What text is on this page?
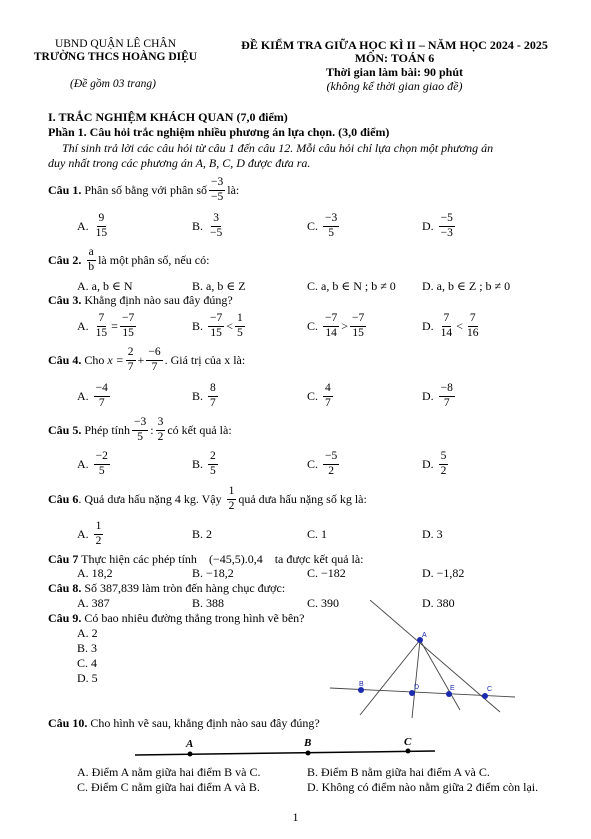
UBND QUẬN LÊ CHÂN
TRƯỜNG THCS HOÀNG DIỆU
(Đề gồm 03 trang)
ĐỀ KIỂM TRA GIỮA HỌC KÌ II – NĂM HỌC 2024 - 2025
MÔN: TOÁN 6
Thời gian làm bài: 90 phút
(không kể thời gian giao đề)
I. TRẮC NGHIỆM KHÁCH QUAN (7,0 điểm)
Phần 1. Câu hỏi trắc nghiệm nhiều phương án lựa chọn. (3,0 điểm)
Thí sinh trả lời các câu hỏi từ câu 1 đến câu 12. Mỗi câu hỏi chỉ lựa chọn một phương án
duy nhất trong các phương án A, B, C, D được đưa ra.
Câu 1.
Phân số bằng với phân số $\frac{-3}{-5}$ là:
A. $\frac{9}{15}$	B. $\frac{3}{-5}$	C. $\frac{-3}{5}$	D. $\frac{-5}{-3}$
Câu 2.
$\frac{a}{b}$ là một phân số, nếu có:
A. a, b ∈ N	B. a, b ∈ Z	C. a, b ∈ N ; b ≠ 0 D. a, b ∈ Z ; b ≠ 0
Câu 3. Khẳng định nào sau đây đúng?
A. $\frac{7}{15} = \frac{-7}{15}$	B. $\frac{-7}{15} < \frac{1}{5}$	C. $\frac{-7}{14} > \frac{-7}{15}$	D. $\frac{7}{14} < \frac{7}{16}$
Câu 4.
Cho
$x = \frac{2}{7} + \frac{-6}{7}$ . Giá trị của x là:
A. $\frac{-4}{7}$	B. $\frac{8}{7}$	C. $\frac{4}{7}$	D. $\frac{-8}{7}$
Câu 5.
Phép tính $\frac{-3}{5}$ : $\frac{3}{2}$ có kết quả là:
A. $\frac{-2}{5}$	B. $\frac{2}{5}$	C. $\frac{-5}{2}$	D. $\frac{5}{2}$
Câu 6 . Quả dưa hấu nặng 4 kg. Vậy
$\frac{1}{2}$ quả dưa hấu nặng số kg là:
A. $\frac{1}{2}$	B. 2	C. 1	D. 3
Câu 7 Thực hiện các phép tính (−45,5).0,4 ta được kết quả là:
A. 18,2	B. −18,2	C. −182	D. −1,82
Câu 8. Số 387,839 làm tròn đến hàng chục được:
A. 387	B. 388	C. 390	D. 380
Câu 9. Có bao nhiêu đường thẳng trong hình vẽ bên?
A. 2
B. 3
C. 4
D. 5
A
B	D	E	C
Câu 10. Cho hình vẽ sau, khẳng định nào sau đây đúng?
A	B	C
A. Điểm A nằm giữa hai điểm B và C.	B. Điểm B nằm giữa hai điểm A và C.
C. Điểm C nằm giữa hai điểm A và B.	D. Không có điểm nào nằm giữa 2 điểm còn lại.
1
